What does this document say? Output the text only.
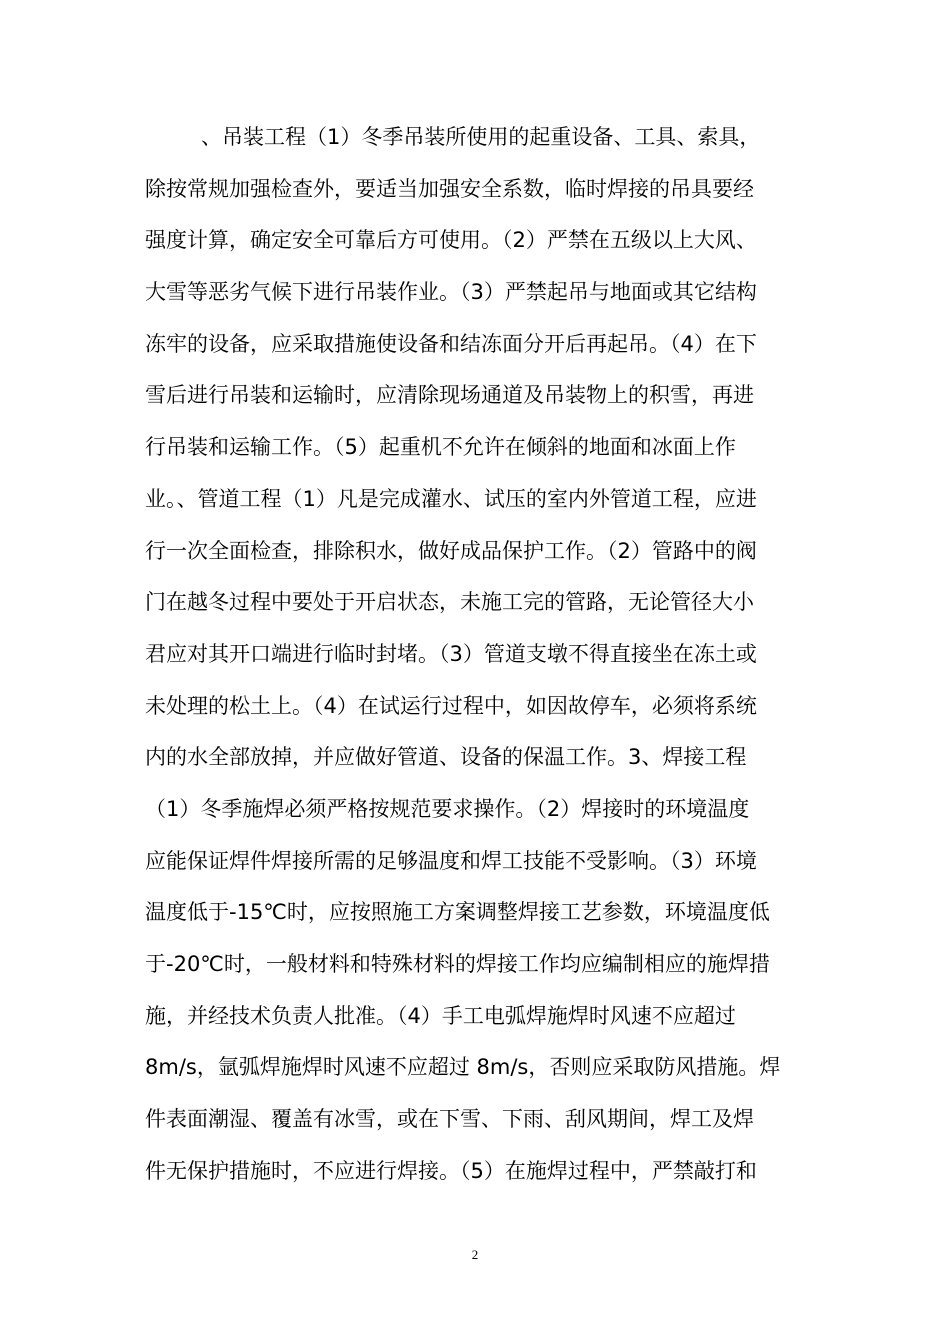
、吊装工程（1）冬季吊装所使用的起重设备、工具、索具，
除按常规加强检查外，要适当加强安全系数，临时焊接的吊具要经
强度计算，确定安全可靠后方可使用。（2）严禁在五级以上大风、
大雪等恶劣气候下进行吊装作业。（3）严禁起吊与地面或其它结构
冻牢的设备，应采取措施使设备和结冻面分开后再起吊。（4）在下
雪后进行吊装和运输时，应清除现场通道及吊装物上的积雪，再进
行吊装和运输工作。（5）起重机不允许在倾斜的地面和冰面上作
业。、管道工程（1）凡是完成灌水、试压的室内外管道工程，应进
行一次全面检查，排除积水，做好成品保护工作。（2）管路中的阀
门在越冬过程中要处于开启状态，未施工完的管路，无论管径大小
君应对其开口端进行临时封堵。（3）管道支墩不得直接坐在冻土或
未处理的松土上。（4）在试运行过程中，如因故停车，必须将系统
内的水全部放掉，并应做好管道、设备的保温工作。3、焊接工程
（1）冬季施焊必须严格按规范要求操作。（2）焊接时的环境温度
应能保证焊件焊接所需的足够温度和焊工技能不受影响。（3）环境
温度低于-15℃时，应按照施工方案调整焊接工艺参数，环境温度低
于-20℃时，一般材料和特殊材料的焊接工作均应编制相应的施焊措
施，并经技术负责人批准。（4）手工电弧焊施焊时风速不应超过
8m/s，氩弧焊施焊时风速不应超过 8m/s，否则应采取防风措施。焊
件表面潮湿、覆盖有冰雪，或在下雪、下雨、刮风期间，焊工及焊
件无保护措施时，不应进行焊接。（5）在施焊过程中，严禁敲打和
2
